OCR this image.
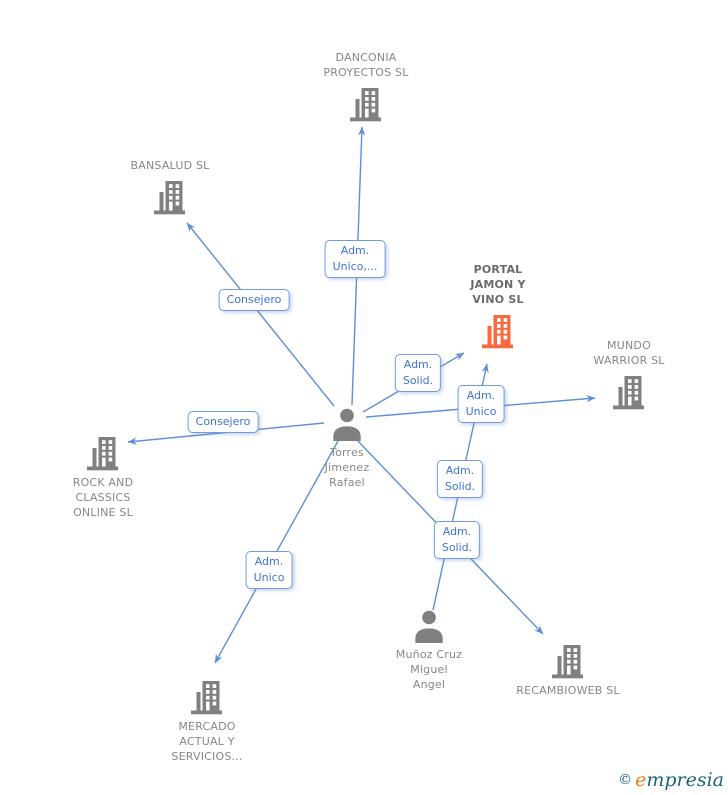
© empresia
DANCONIA
PROYECTOS SL
BANSALUD SL
PORTAL
JAMON Y
VINO SL
MUNDO
WARRIOR SL
ROCK AND
CLASSICS
ONLINE SL
MERCADO
ACTUAL Y
SERVICIOS...
RECAMBIOWEB SL
Torres
Jimenez
Rafael
Muñoz Cruz
Miguel
Angel
Adm.
Unico,...
Consejero
Consejero
Adm.
Solid.
Adm.
Unico
Adm.
Solid.
Adm.
Unico
Adm.
Solid.
